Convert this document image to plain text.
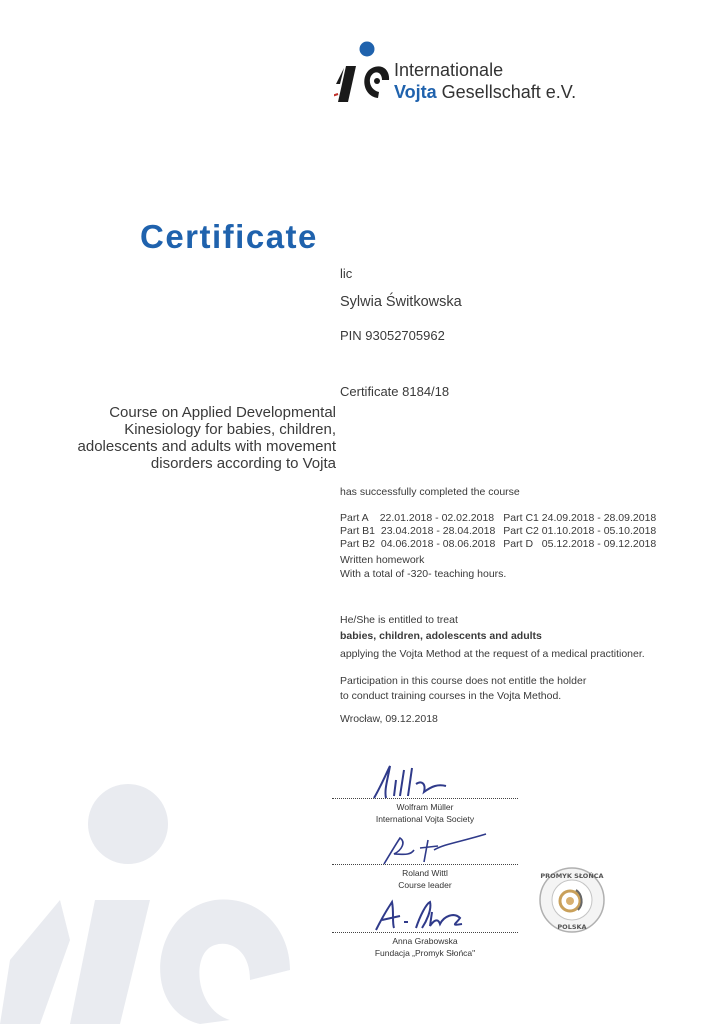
Internationale
Vojta Gesellschaft e.V.
Certificate
lic
Sylwia Świtkowska
PIN 93052705962
Certificate 8184/18
Course on Applied Developmental Kinesiology for babies, children, adolescents and adults with movement disorders according to Vojta
has successfully completed the course
Part A    22.01.2018 - 02.02.2018	Part C1 24.09.2018 - 28.09.2018
Part B1  23.04.2018 - 28.04.2018	Part C2 01.10.2018 - 05.10.2018
Part B2  04.06.2018 - 08.06.2018	Part D   05.12.2018 - 09.12.2018
Written homework
With a total of -320- teaching hours.
He/She is entitled to treat
babies, children, adolescents and adults
applying the Vojta Method at the request of a medical practitioner.
Participation in this course does not entitle the holder
to conduct training courses in the Vojta Method.
Wrocław, 09.12.2018
Wolfram Müller
International Vojta Society
Roland Wittl
Course leader
Anna Grabowska
Fundacja „Promyk Słońca"
PROMYK SŁOŃCA
POLSKA
